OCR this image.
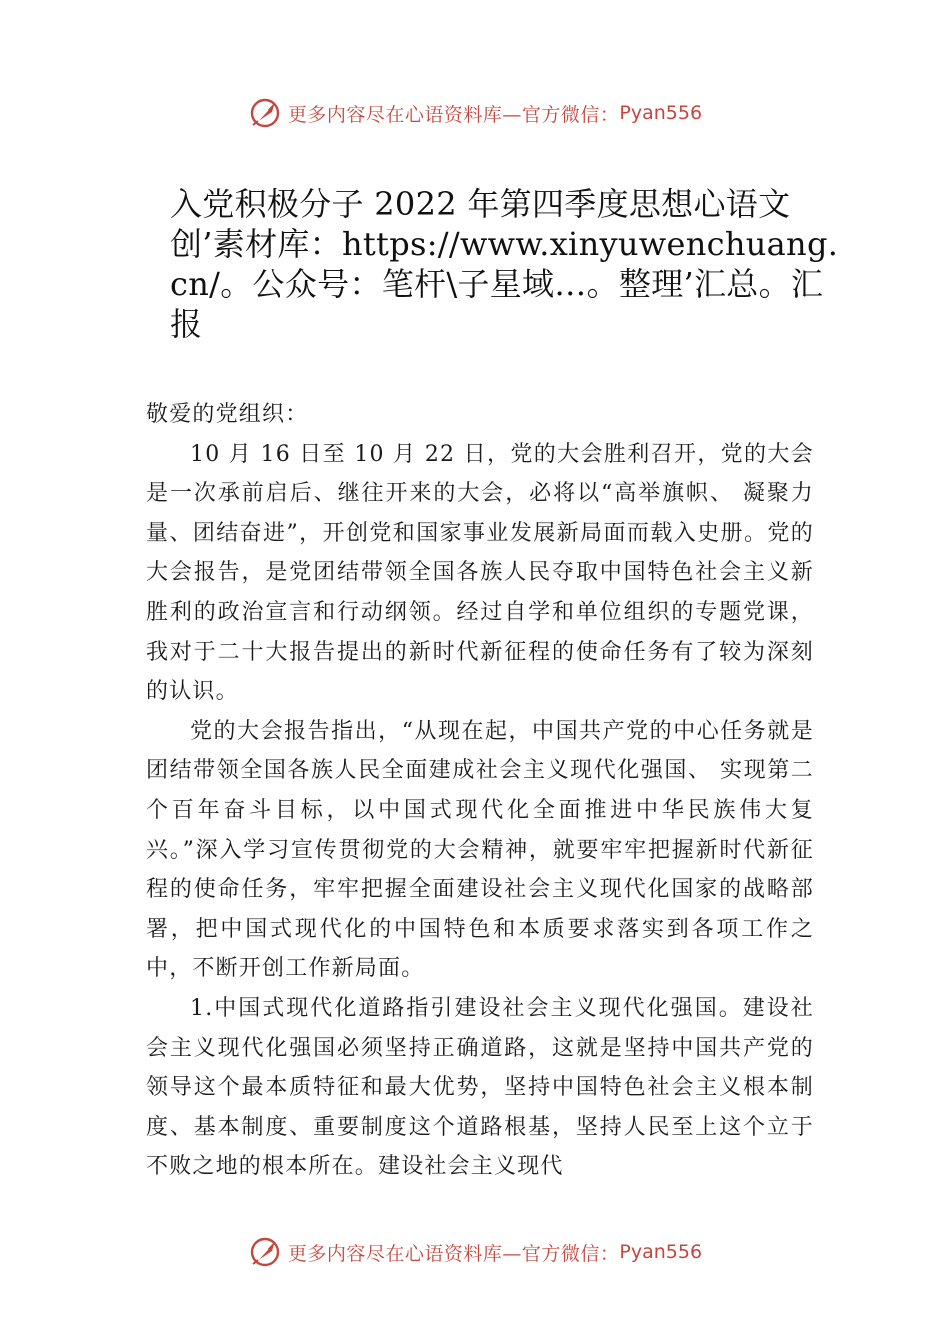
更多内容尽在心语资料库—官方微信： Pyan556
入党积极分子 2022 年第四季度思想心语文创’素材库：https://www.xinyuwenchuang.cn/。公众号：笔杆\子星域…。整理’汇总。汇报

敬爱的党组织：

10 月 16 日至 10 月 22 日，党的大会胜利召开，党的大会是一次承前启后、继往开来的大会，必将以“高举旗帜、 凝聚力量、团结奋进”，开创党和国家事业发展新局面而载入史册。党的大会报告，是党团结带领全国各族人民夺取中国特色社会主义新胜利的政治宣言和行动纲领。经过自学和单位组织的专题党课，我对于二十大报告提出的新时代新征程的使命任务有了较为深刻的认识。

党的大会报告指出，“从现在起，中国共产党的中心任务就是团结带领全国各族人民全面建成社会主义现代化强国、 实现第二个百年奋斗目标，以中国式现代化全面推进中华民族伟大复兴。”深入学习宣传贯彻党的大会精神，就要牢牢把握新时代新征程的使命任务，牢牢把握全面建设社会主义现代化国家的战略部署，把中国式现代化的中国特色和本质要求落实到各项工作之中，不断开创工作新局面。

1.中国式现代化道路指引建设社会主义现代化强国。建设社会主义现代化强国必须坚持正确道路，这就是坚持中国共产党的领导这个最本质特征和最大优势，坚持中国特色社会主义根本制度、基本制度、重要制度这个道路根基，坚持人民至上这个立于不败之地的根本所在。建设社会主义现代

更多内容尽在心语资料库—官方微信： Pyan556
